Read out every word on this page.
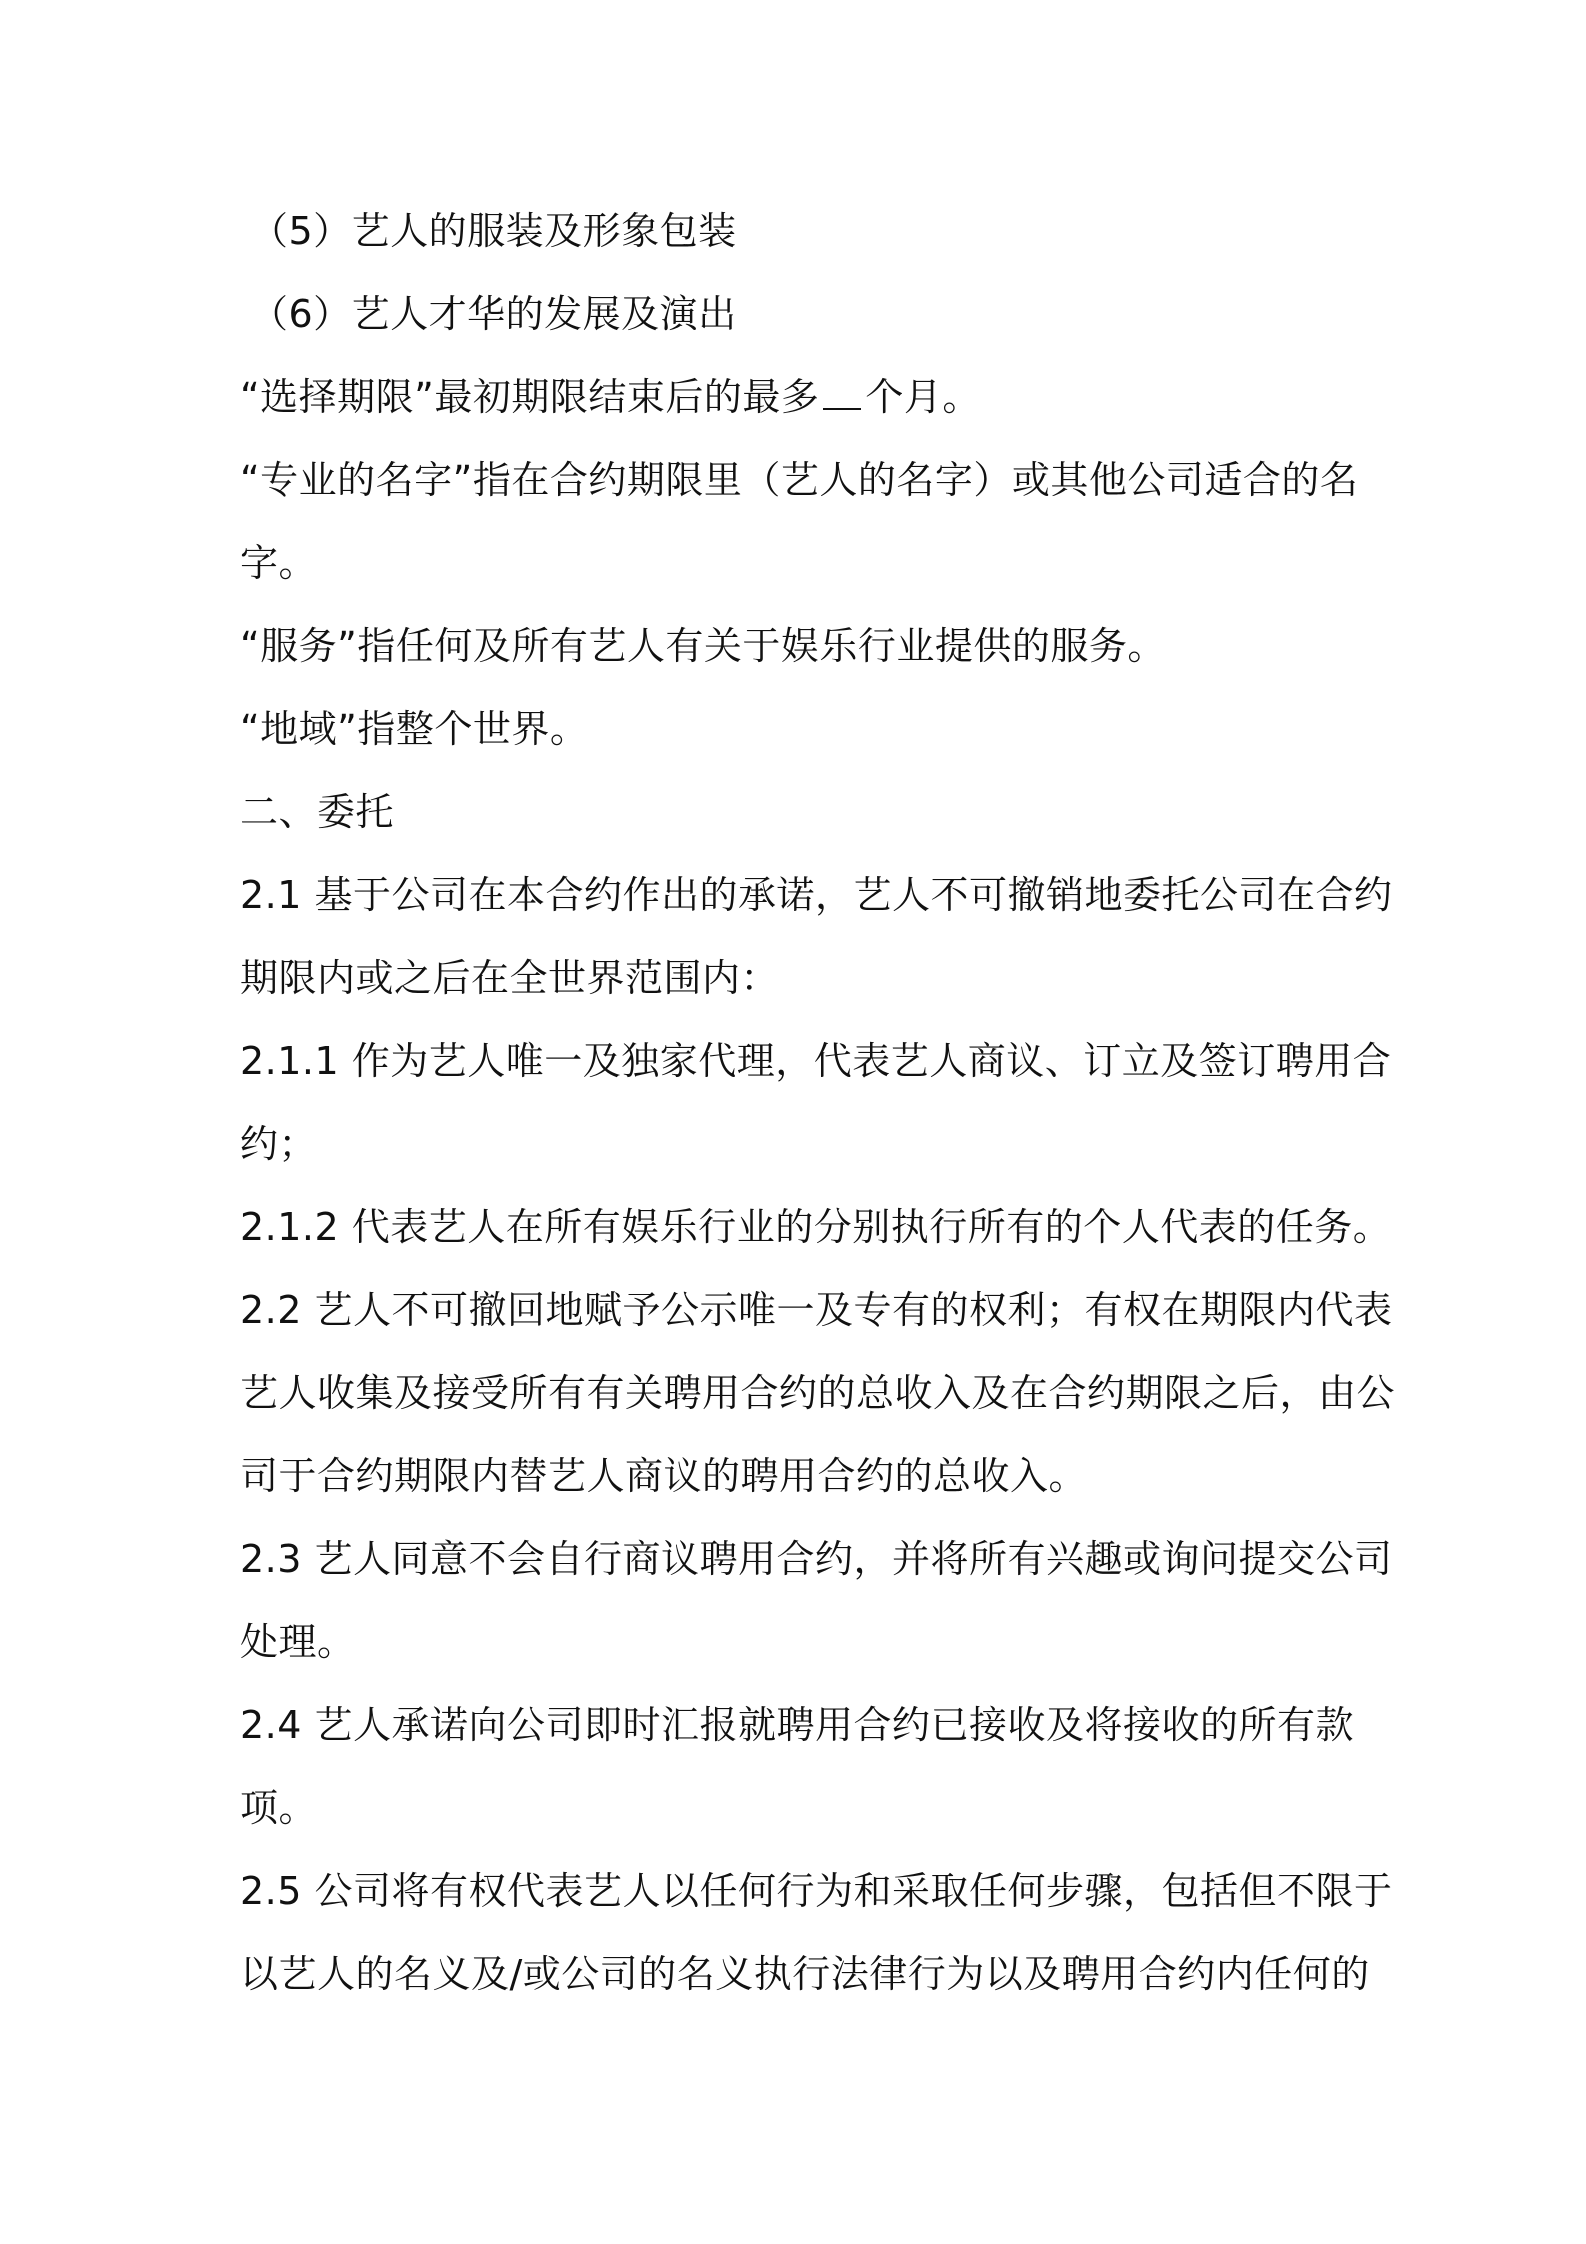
（5）艺人的服装及形象包装
（6）艺人才华的发展及演出
“选择期限”最初期限结束后的最多 个月。
“专业的名字”指在合约期限里（艺人的名字）或其他公司适合的名
字。
“服务”指任何及所有艺人有关于娱乐行业提供的服务。
“地域”指整个世界。
二、委托
2.1 基于公司在本合约作出的承诺，艺人不可撤销地委托公司在合约
期限内或之后在全世界范围内：
2.1.1 作为艺人唯一及独家代理，代表艺人商议、订立及签订聘用合
约；
2.1.2 代表艺人在所有娱乐行业的分别执行所有的个人代表的任务。
2.2 艺人不可撤回地赋予公示唯一及专有的权利；有权在期限内代表
艺人收集及接受所有有关聘用合约的总收入及在合约期限之后，由公
司于合约期限内替艺人商议的聘用合约的总收入。
2.3 艺人同意不会自行商议聘用合约，并将所有兴趣或询问提交公司
处理。
2.4 艺人承诺向公司即时汇报就聘用合约已接收及将接收的所有款
项。
2.5 公司将有权代表艺人以任何行为和采取任何步骤，包括但不限于
以艺人的名义及/或公司的名义执行法律行为以及聘用合约内任何的
